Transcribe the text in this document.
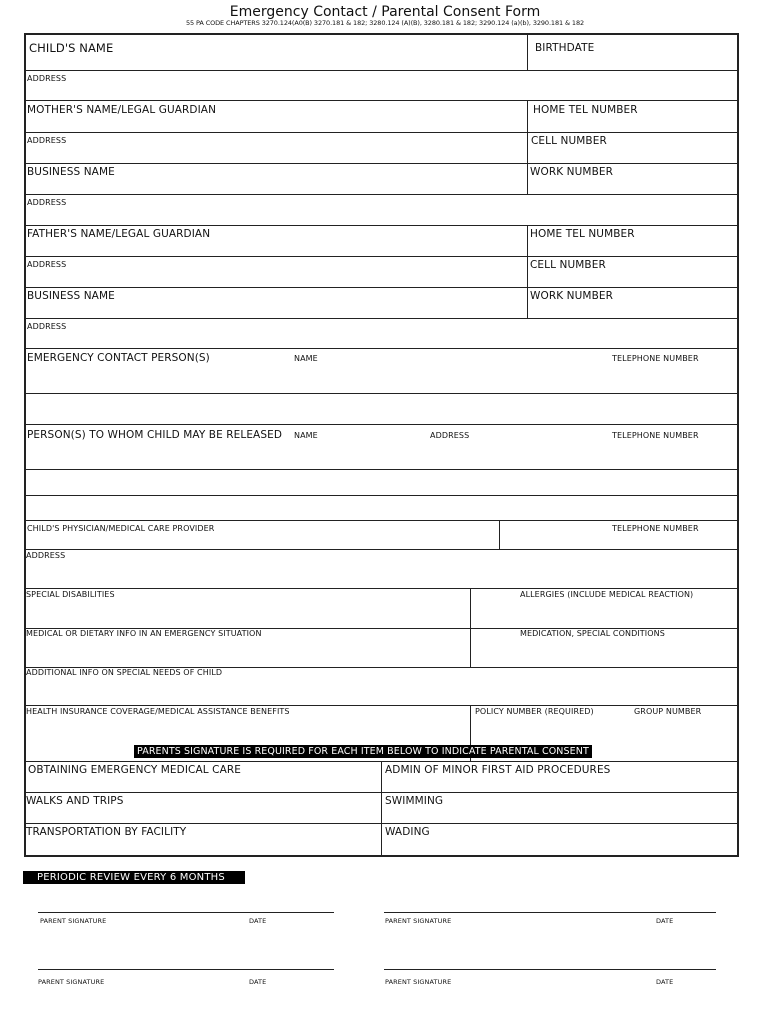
Emergency Contact / Parental Consent Form
55 PA CODE CHAPTERS 3270.124(A0(B) 3270.181 & 182; 3280.124 (A)(B), 3280.181 & 182; 3290.124 (a)(b), 3290.181 & 182
CHILD'S NAME	BIRTHDATE
ADDRESS
MOTHER'S NAME/LEGAL GUARDIAN	HOME TEL NUMBER
ADDRESS	CELL NUMBER
BUSINESS NAME	WORK NUMBER
ADDRESS
FATHER'S NAME/LEGAL GUARDIAN	HOME TEL NUMBER
ADDRESS	CELL NUMBER
BUSINESS NAME	WORK NUMBER
ADDRESS
EMERGENCY CONTACT PERSON(S)	NAME	TELEPHONE NUMBER
PERSON(S) TO WHOM CHILD MAY BE RELEASED NAME	ADDRESS	TELEPHONE NUMBER
CHILD'S PHYSICIAN/MEDICAL CARE PROVIDER	TELEPHONE NUMBER
ADDRESS
SPECIAL DISABILITIES	ALLERGIES (INCLUDE MEDICAL REACTION)
MEDICAL OR DIETARY INFO IN AN EMERGENCY SITUATION	MEDICATION, SPECIAL CONDITIONS
ADDITIONAL INFO ON SPECIAL NEEDS OF CHILD
HEALTH INSURANCE COVERAGE/MEDICAL ASSISTANCE BENEFITS	POLICY NUMBER (REQUIRED)	GROUP NUMBER
PARENTS SIGNATURE IS REQUIRED FOR EACH ITEM BELOW TO INDICATE PARENTAL CONSENT
OBTAINING EMERGENCY MEDICAL CARE	ADMIN OF MINOR FIRST AID PROCEDURES
WALKS AND TRIPS	SWIMMING
TRANSPORTATION BY FACILITY	WADING
PERIODIC REVIEW EVERY 6 MONTHS
PARENT SIGNATURE	DATE	PARENT SIGNATURE	DATE
PARENT SIGNATURE	DATE	PARENT SIGNATURE	DATE
